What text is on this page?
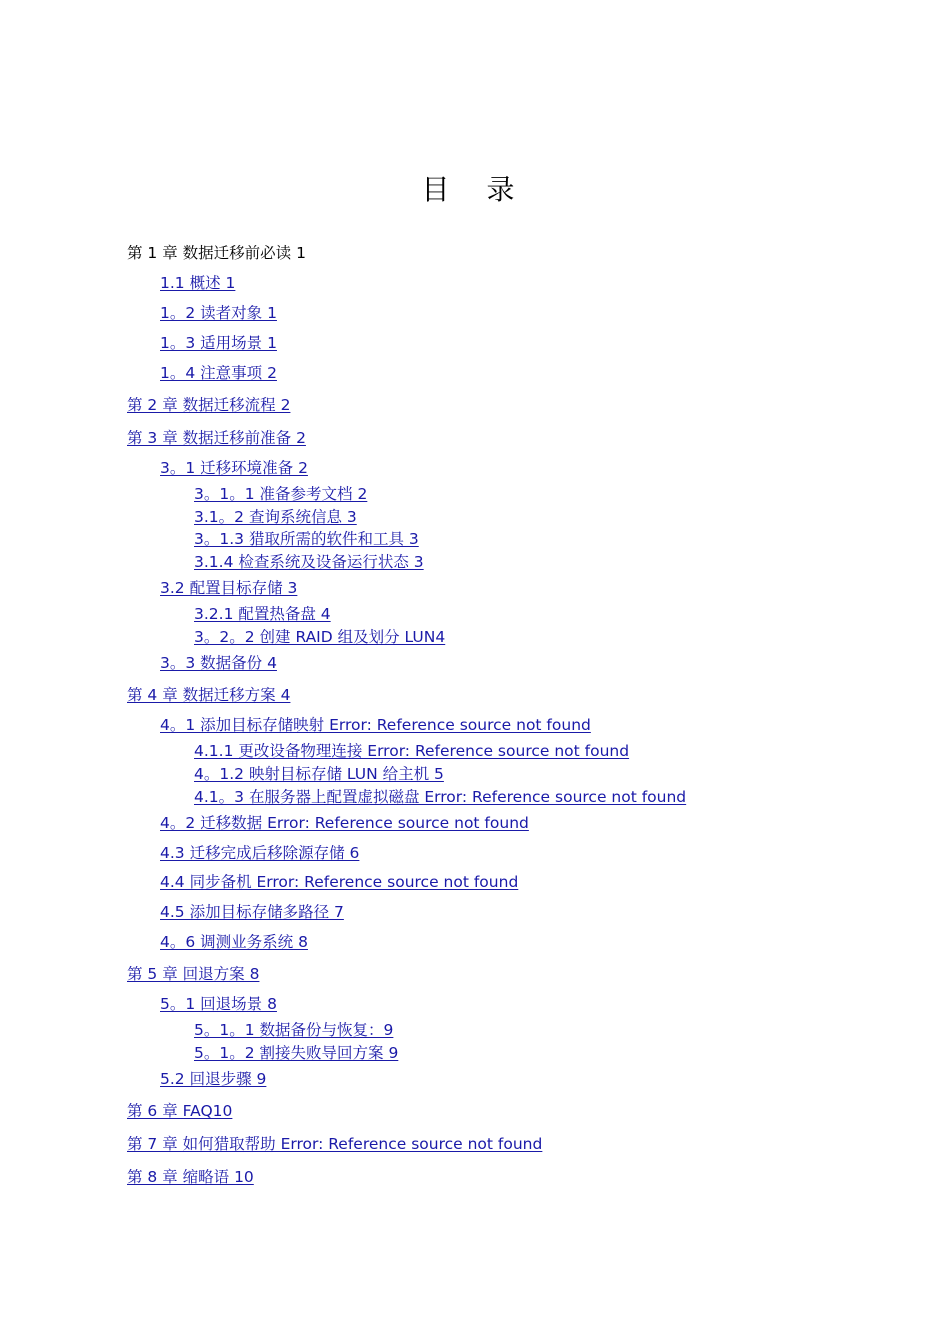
目 录
第 1 章 数据迁移前必读 1
1.1 概述 1
1。2 读者对象 1
1。3 适用场景 1
1。4 注意事项 2
第 2 章 数据迁移流程 2
第 3 章 数据迁移前准备 2
3。1 迁移环境准备 2
3。1。1 准备参考文档 2
3.1。2 查询系统信息 3
3。1.3 猎取所需的软件和工具 3
3.1.4 检查系统及设备运行状态 3
3.2 配置目标存储 3
3.2.1 配置热备盘 4
3。2。2 创建 RAID 组及划分 LUN4
3。3 数据备份 4
第 4 章 数据迁移方案 4
4。1 添加目标存储映射 Error: Reference source not found
4.1.1 更改设备物理连接 Error: Reference source not found
4。1.2 映射目标存储 LUN 给主机 5
4.1。3 在服务器上配置虚拟磁盘 Error: Reference source not found
4。2 迁移数据 Error: Reference source not found
4.3 迁移完成后移除源存储 6
4.4 同步备机 Error: Reference source not found
4.5 添加目标存储多路径 7
4。6 调测业务系统 8
第 5 章 回退方案 8
5。1 回退场景 8
5。1。1 数据备份与恢复：9
5。1。2 割接失败导回方案 9
5.2 回退步骤 9
第 6 章 FAQ10
第 7 章 如何猎取帮助 Error: Reference source not found
第 8 章 缩略语 10
